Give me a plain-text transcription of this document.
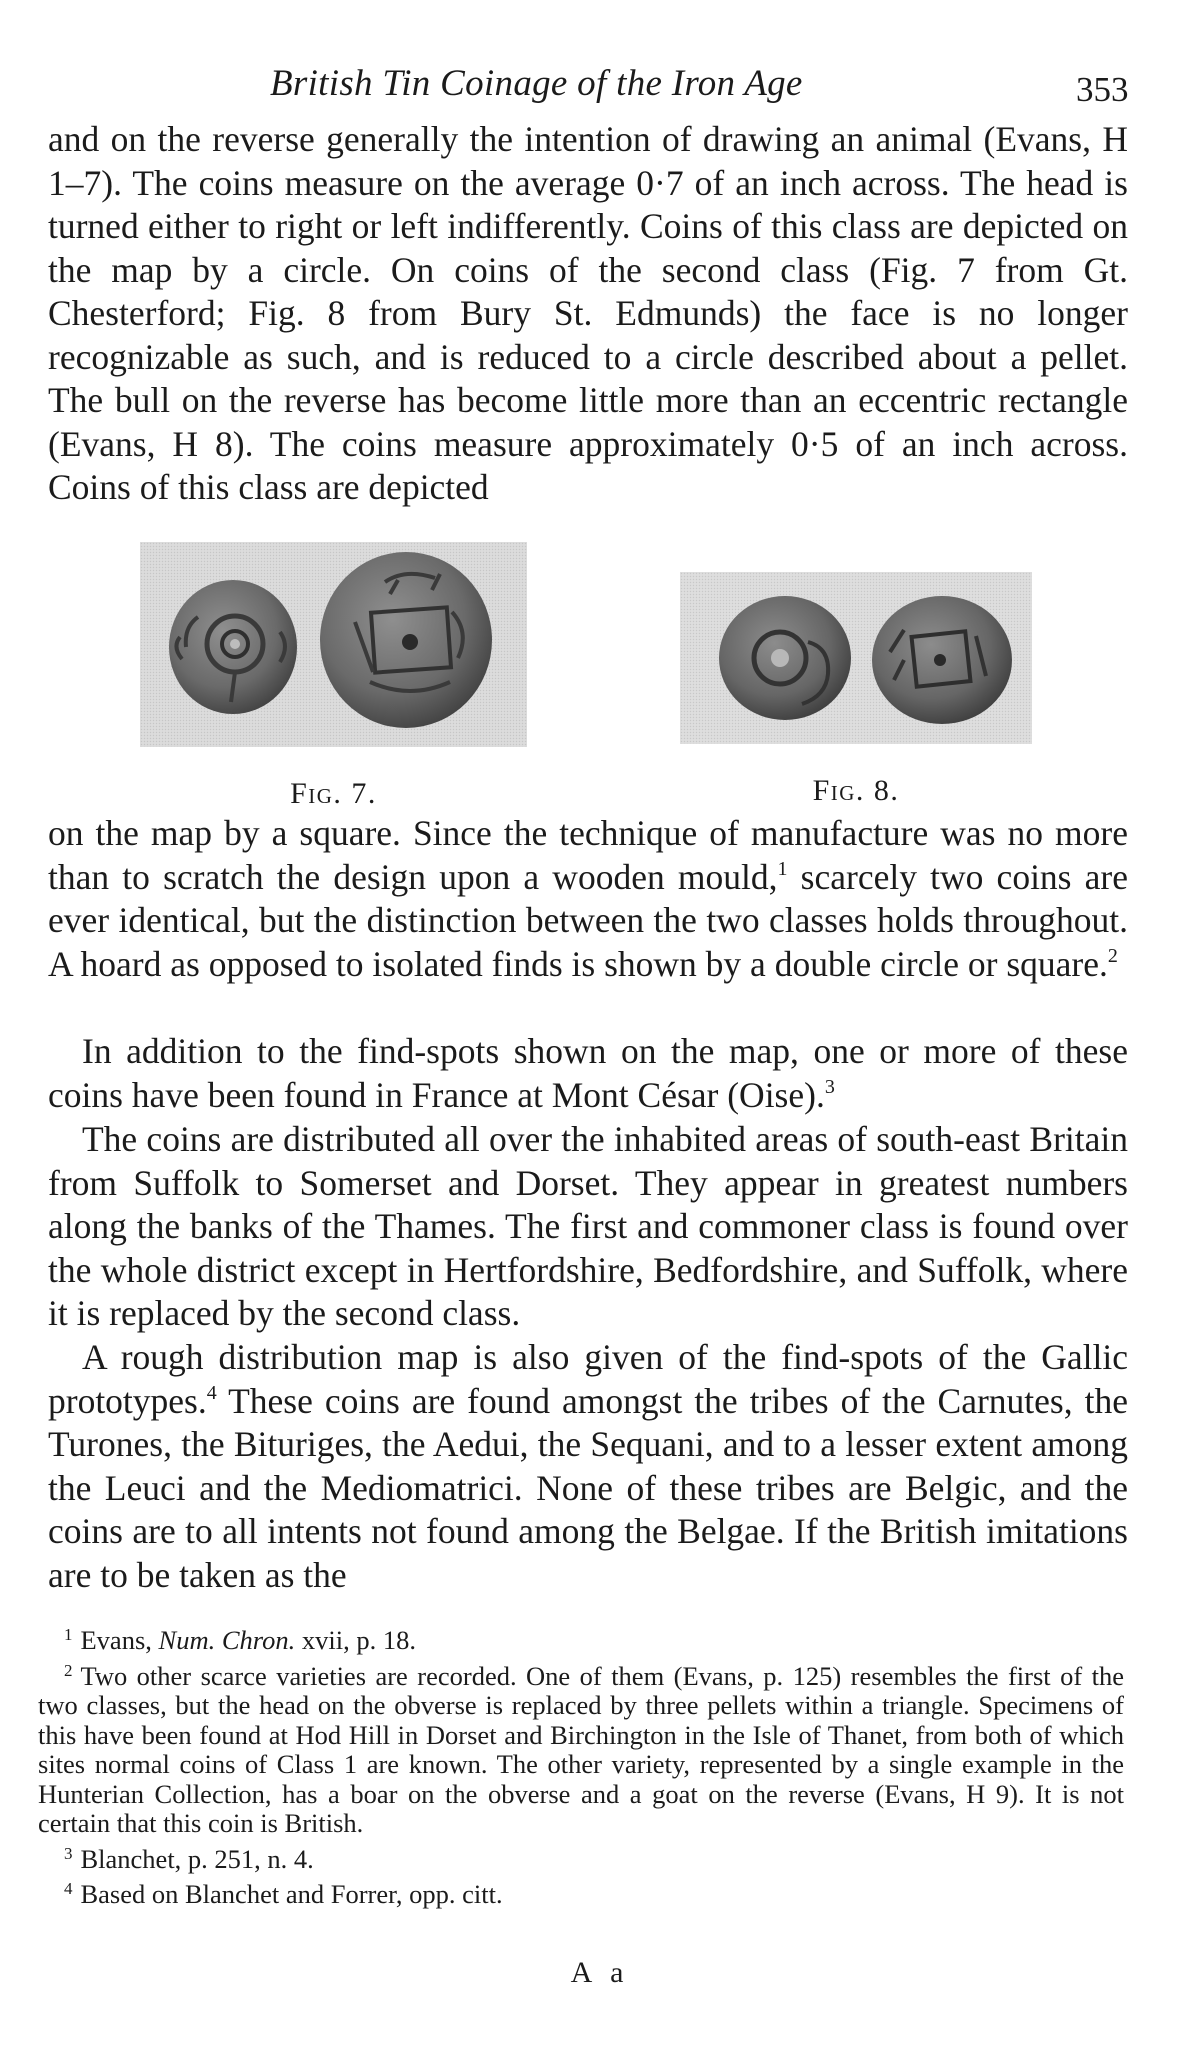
British Tin Coinage of the Iron Age	353

and on the reverse generally the intention of drawing an animal (Evans, H 1–7). The coins measure on the average 0·7 of an inch across. The head is turned either to right or left indifferently. Coins of this class are depicted on the map by a circle. On coins of the second class (Fig. 7 from Gt. Chesterford; Fig. 8 from Bury St. Edmunds) the face is no longer recognizable as such, and is reduced to a circle described about a pellet. The bull on the reverse has become little more than an eccentric rectangle (Evans, H 8). The coins measure approximately 0·5 of an inch across. Coins of this class are depicted

Fig. 7.	Fig. 8.

on the map by a square. Since the technique of manufacture was no more than to scratch the design upon a wooden mould,$^1$ scarcely two coins are ever identical, but the distinction between the two classes holds throughout. A hoard as opposed to isolated finds is shown by a double circle or square.$^2$

In addition to the find-spots shown on the map, one or more of these coins have been found in France at Mont César (Oise).$^3$

The coins are distributed all over the inhabited areas of south-east Britain from Suffolk to Somerset and Dorset. They appear in greatest numbers along the banks of the Thames. The first and commoner class is found over the whole district except in Hertfordshire, Bedfordshire, and Suffolk, where it is replaced by the second class.

A rough distribution map is also given of the find-spots of the Gallic prototypes.$^4$ These coins are found amongst the tribes of the Carnutes, the Turones, the Bituriges, the Aedui, the Sequani, and to a lesser extent among the Leuci and the Mediomatrici. None of these tribes are Belgic, and the coins are to all intents not found among the Belgae. If the British imitations are to be taken as the

$^1$ Evans, Num. Chron. xvii, p. 18.

$^2$ Two other scarce varieties are recorded. One of them (Evans, p. 125) resembles the first of the two classes, but the head on the obverse is replaced by three pellets within a triangle. Specimens of this have been found at Hod Hill in Dorset and Birchington in the Isle of Thanet, from both of which sites normal coins of Class 1 are known. The other variety, represented by a single example in the Hunterian Collection, has a boar on the obverse and a goat on the reverse (Evans, H 9). It is not certain that this coin is British.

$^3$ Blanchet, p. 251, n. 4.

$^4$ Based on Blanchet and Forrer, opp. citt.

A a
